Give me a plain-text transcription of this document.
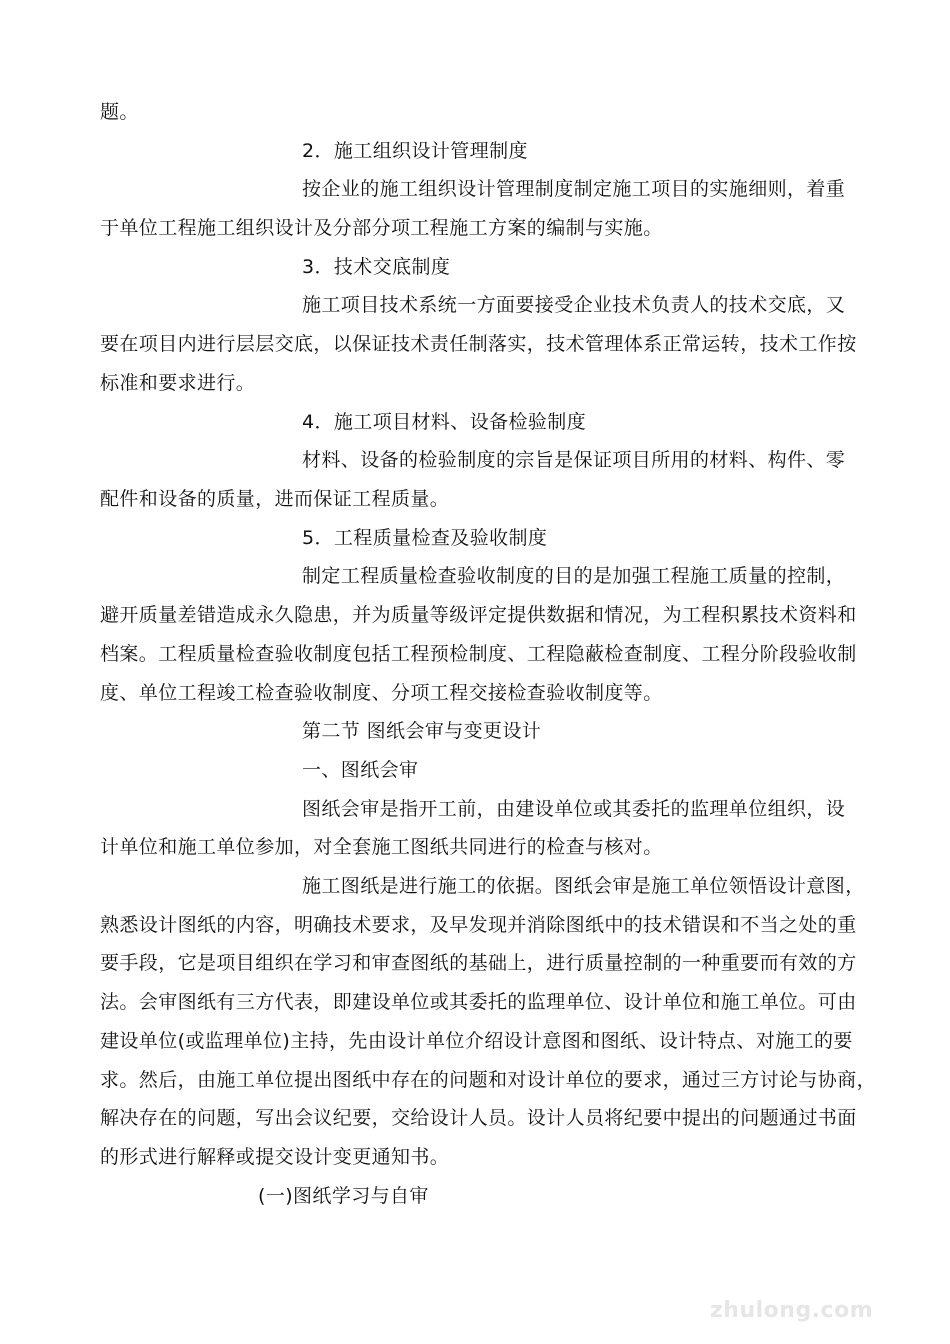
题。
2．施工组织设计管理制度
按企业的施工组织设计管理制度制定施工项目的实施细则，着重
于单位工程施工组织设计及分部分项工程施工方案的编制与实施。
3．技术交底制度
施工项目技术系统一方面要接受企业技术负责人的技术交底，又
要在项目内进行层层交底，以保证技术责任制落实，技术管理体系正常运转，技术工作按
标准和要求进行。
4．施工项目材料、设备检验制度
材料、设备的检验制度的宗旨是保证项目所用的材料、构件、零
配件和设备的质量，进而保证工程质量。
5．工程质量检查及验收制度
制定工程质量检查验收制度的目的是加强工程施工质量的控制，
避开质量差错造成永久隐患，并为质量等级评定提供数据和情况，为工程积累技术资料和
档案。工程质量检查验收制度包括工程预检制度、工程隐蔽检查制度、工程分阶段验收制
度、单位工程竣工检查验收制度、分项工程交接检查验收制度等。
第二节 图纸会审与变更设计
一、图纸会审
图纸会审是指开工前，由建设单位或其委托的监理单位组织，设
计单位和施工单位参加，对全套施工图纸共同进行的检查与核对。
施工图纸是进行施工的依据。图纸会审是施工单位领悟设计意图，
熟悉设计图纸的内容，明确技术要求，及早发现并消除图纸中的技术错误和不当之处的重
要手段，它是项目组织在学习和审查图纸的基础上，进行质量控制的一种重要而有效的方
法。会审图纸有三方代表，即建设单位或其委托的监理单位、设计单位和施工单位。可由
建设单位(或监理单位)主持，先由设计单位介绍设计意图和图纸、设计特点、对施工的要
求。然后，由施工单位提出图纸中存在的问题和对设计单位的要求，通过三方讨论与协商，
解决存在的问题，写出会议纪要，交给设计人员。设计人员将纪要中提出的问题通过书面
的形式进行解释或提交设计变更通知书。
(一)图纸学习与自审
zhulong.com
